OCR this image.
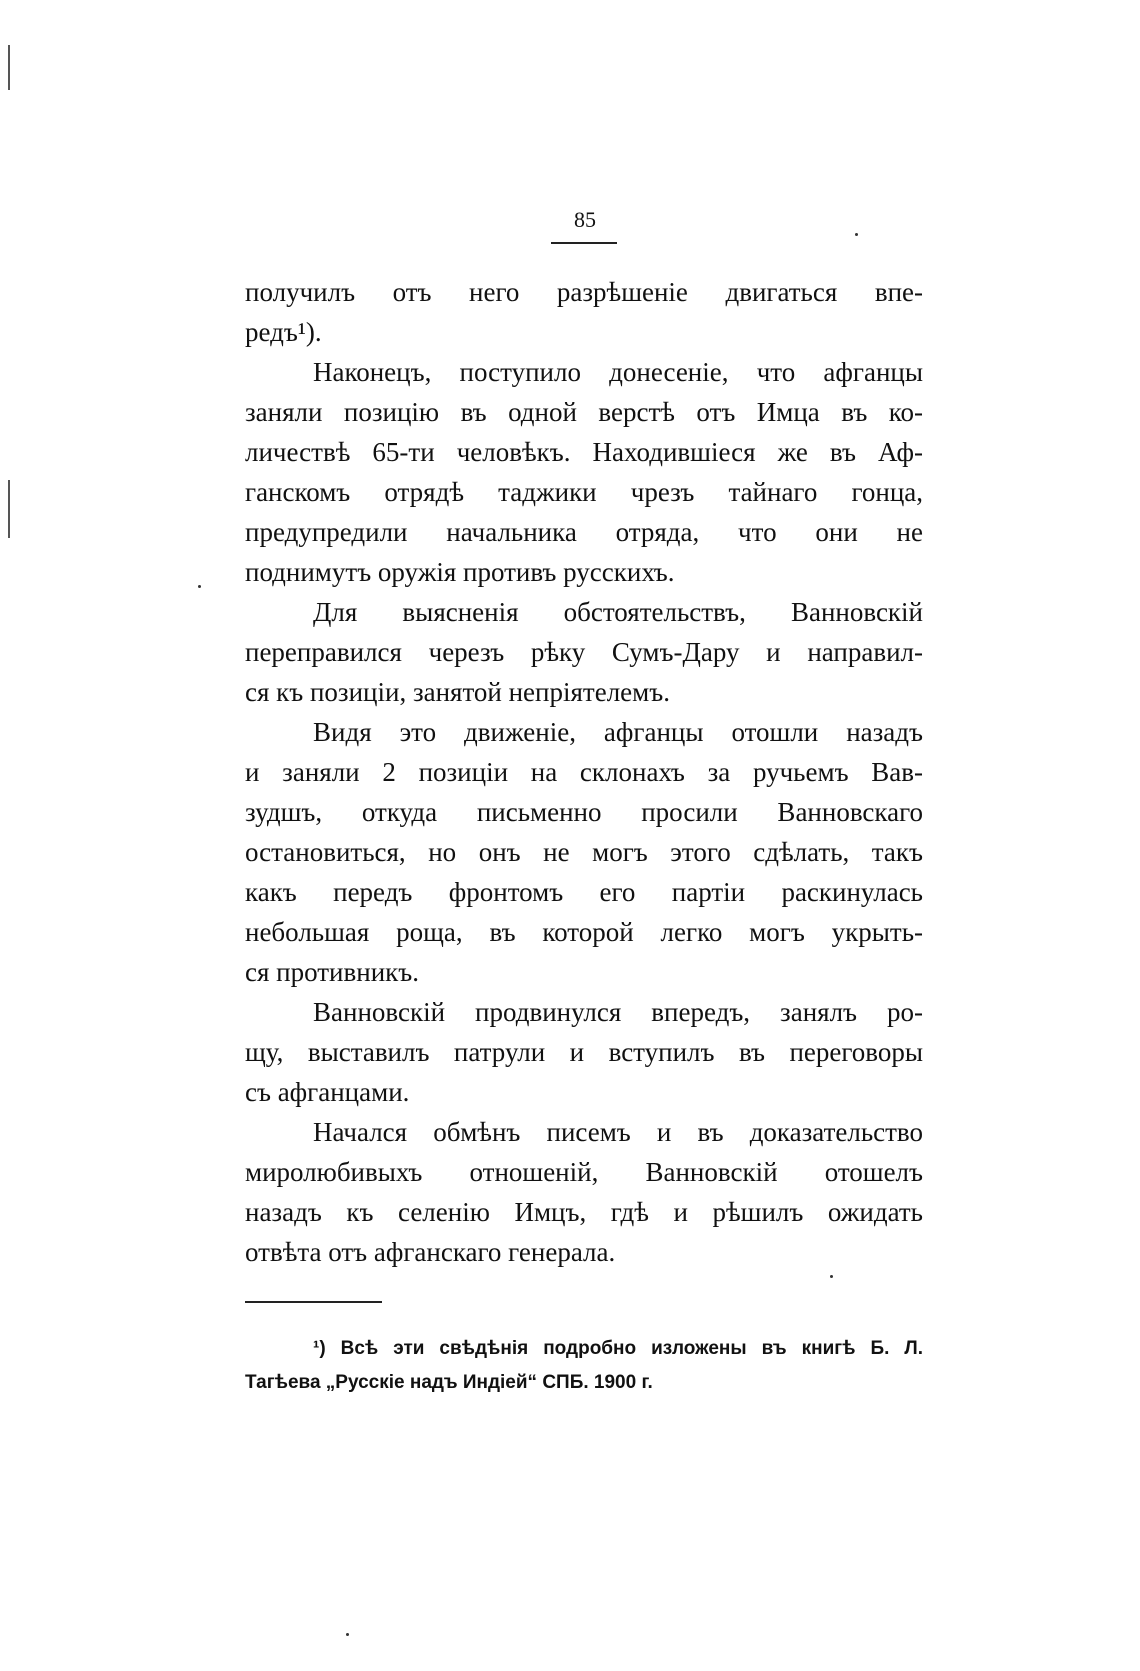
85
получилъ отъ него разрѣшеніе двигаться впе-
редъ¹).
Наконецъ, поступило донесеніе, что афганцы
заняли позицію въ одной верстѣ отъ Имца въ ко-
личествѣ 65-ти человѣкъ. Находившіеся же въ Аф-
ганскомъ отрядѣ таджики чрезъ тайнаго гонца,
предупредили начальника отряда, что они не
поднимутъ оружія противъ русскихъ.
Для выясненія обстоятельствъ, Ванновскій
переправился черезъ рѣку Сумъ-Дару и направил-
ся къ позиціи, занятой непріятелемъ.
Видя это движеніе, афганцы отошли назадъ
и заняли 2 позиціи на склонахъ за ручьемъ Вав-
зудшъ, откуда письменно просили Ванновскаго
остановиться, но онъ не могъ этого сдѣлать, такъ
какъ передъ фронтомъ его партіи раскинулась
небольшая роща, въ которой легко могъ укрыть-
ся противникъ.
Ванновскій продвинулся впередъ, занялъ ро-
щу, выставилъ патрули и вступилъ въ переговоры
съ афганцами.
Начался обмѣнъ писемъ и въ доказательство
миролюбивыхъ отношеній, Ванновскій отошелъ
назадъ къ селенію Имцъ, гдѣ и рѣшилъ ожидать
отвѣта отъ афганскаго генерала.
¹) Всѣ эти свѣдѣнія подробно изложены въ книгѣ Б. Л.
Тагѣева „Русскіе надъ Индіей“ СПБ. 1900 г.
